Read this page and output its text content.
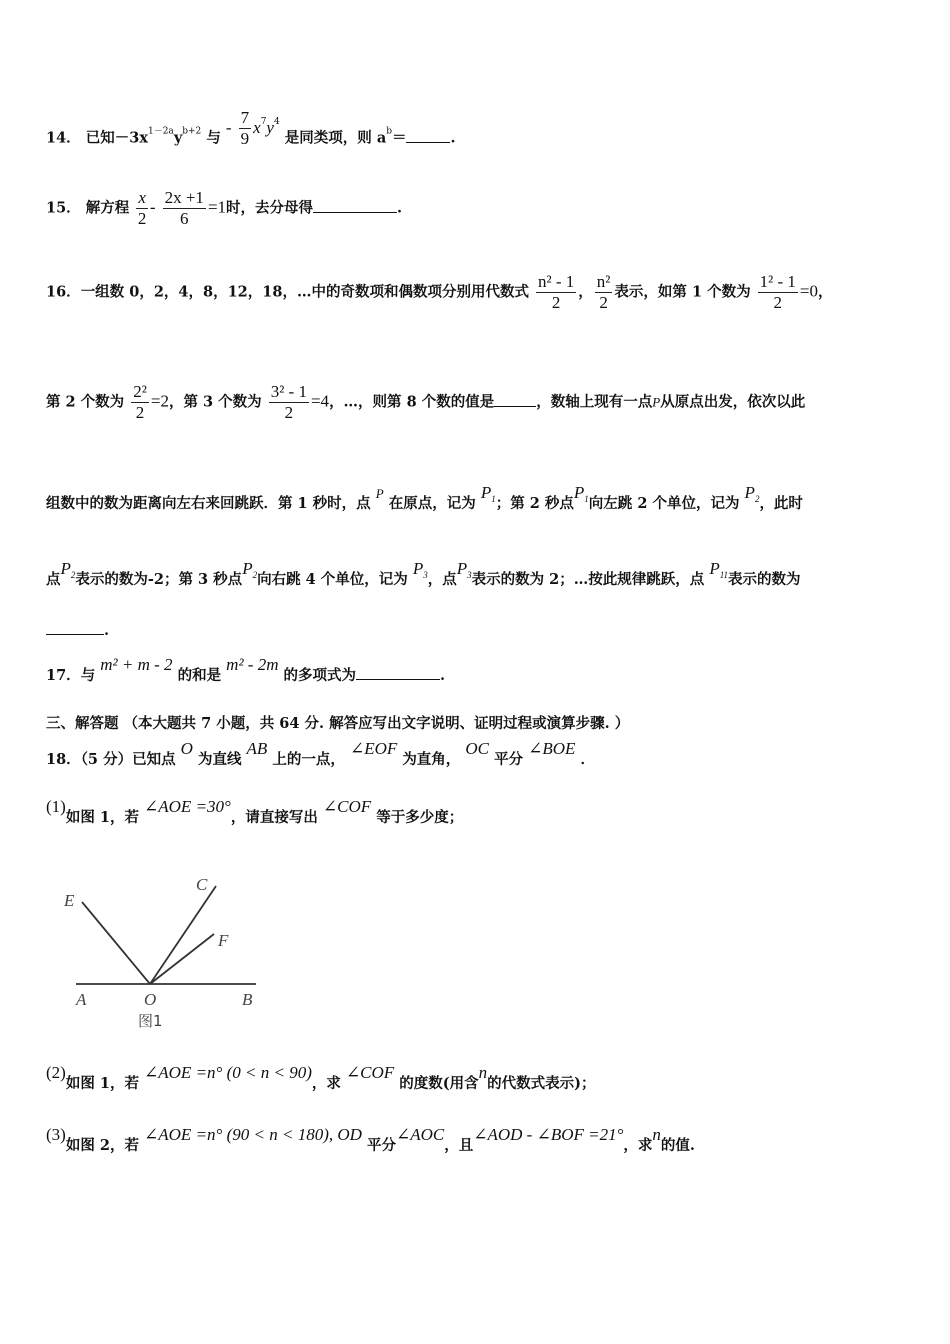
14． 已知$-3x^{1-2a}y^{b+2}$ 与 - $\frac{7}{9} x^7y^4$ 是同类项，则 $a^b=$	.
15． 解方程 $\frac{x}{2} - \frac{2x +1}{6} =1$时，去分母得	.
16．一组数 0，2，4，8，12，18，…中的奇数项和偶数项分别用代数式 $\frac{\text{n² - 1}}{2}$ ， $\frac{\text{n²}}{2}$ 表示，如第 1 个数为 $\frac{\text{1² - 1}}{2} =0$，
第 2 个数为 $\frac{\text{2²}}{2} =2$，第 3 个数为 $\frac{\text{3² - 1}}{2} =4$，…，则第 8 个数的值是	，数轴上现有一点P从原点出发，依次以此
组数中的数为距离向左右来回跳跃．第 1 秒时，点 P 在原点，记为 $P_1$；第 2 秒点$P_1$向左跳 2 个单位，记为 $P_2$，此时
点$P_2$表示的数为-2；第 3 秒点$P_2$向右跳 4 个单位，记为 $P_3$，点$P_3$表示的数为 2；…按此规律跳跃，点 $P_{11}$表示的数为
.
17．与 m² + m - 2 的和是 m² - 2m 的多项式为	.
三、解答题 （本大题共 7 小题，共 64 分. 解答应写出文字说明、证明过程或演算步骤. ）
18．（5 分）已知点 O 为直线 AB 上的一点， ∠EOF 为直角， OC 平分 ∠BOE ．
(1)如图 1，若 ∠AOE =30°，请直接写出 ∠COF 等于多少度；
E
C
F
A	O	B
图1
(2)如图 1，若 ∠AOE =n° (0 < n < 90)，求 ∠COF 的度数(用含n的代数式表示)；
(3)如图 2，若 ∠AOE =n° (90 < n < 180), OD 平分∠AOC，且∠AOD - ∠BOF =21°，求n的值.
